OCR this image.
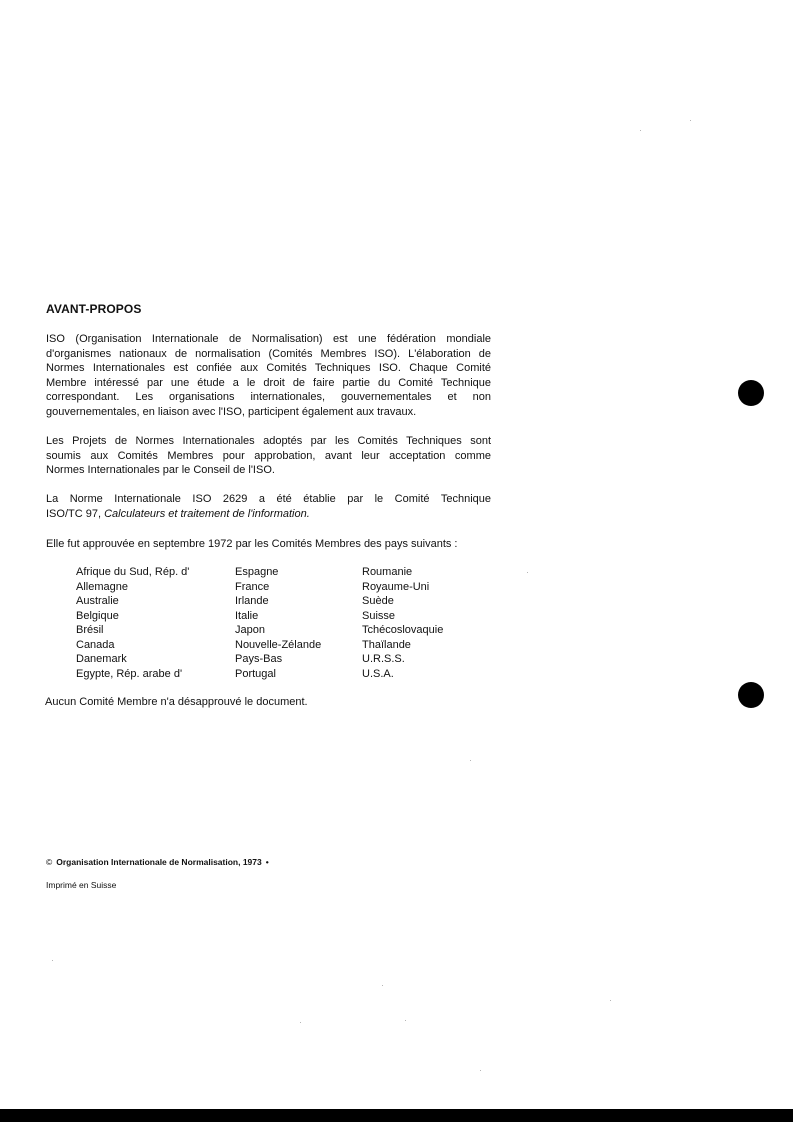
AVANT-PROPOS
ISO (Organisation Internationale de Normalisation) est une fédération mondiale
d'organismes nationaux de normalisation (Comités Membres ISO). L'élaboration de
Normes Internationales est confiée aux Comités Techniques ISO. Chaque Comité
Membre intéressé par une étude a le droit de faire partie du Comité Technique
correspondant. Les organisations internationales, gouvernementales et non
gouvernementales, en liaison avec l'ISO, participent également aux travaux.
Les Projets de Normes Internationales adoptés par les Comités Techniques sont
soumis aux Comités Membres pour approbation, avant leur acceptation comme
Normes Internationales par le Conseil de l'ISO.
La Norme Internationale ISO 2629 a été établie par le Comité Technique
ISO/TC 97, Calculateurs et traitement de l'information.
Elle fut approuvée en septembre 1972 par les Comités Membres des pays suivants :
Afrique du Sud, Rép. d'
Allemagne
Australie
Belgique
Brésil
Canada
Danemark
Egypte, Rép. arabe d'
Espagne
France
Irlande
Italie
Japon
Nouvelle-Zélande
Pays-Bas
Portugal
Roumanie
Royaume-Uni
Suède
Suisse
Tchécoslovaquie
Thaïlande
U.R.S.S.
U.S.A.
Aucun Comité Membre n'a désapprouvé le document.
© Organisation Internationale de Normalisation, 1973 •
Imprimé en Suisse
